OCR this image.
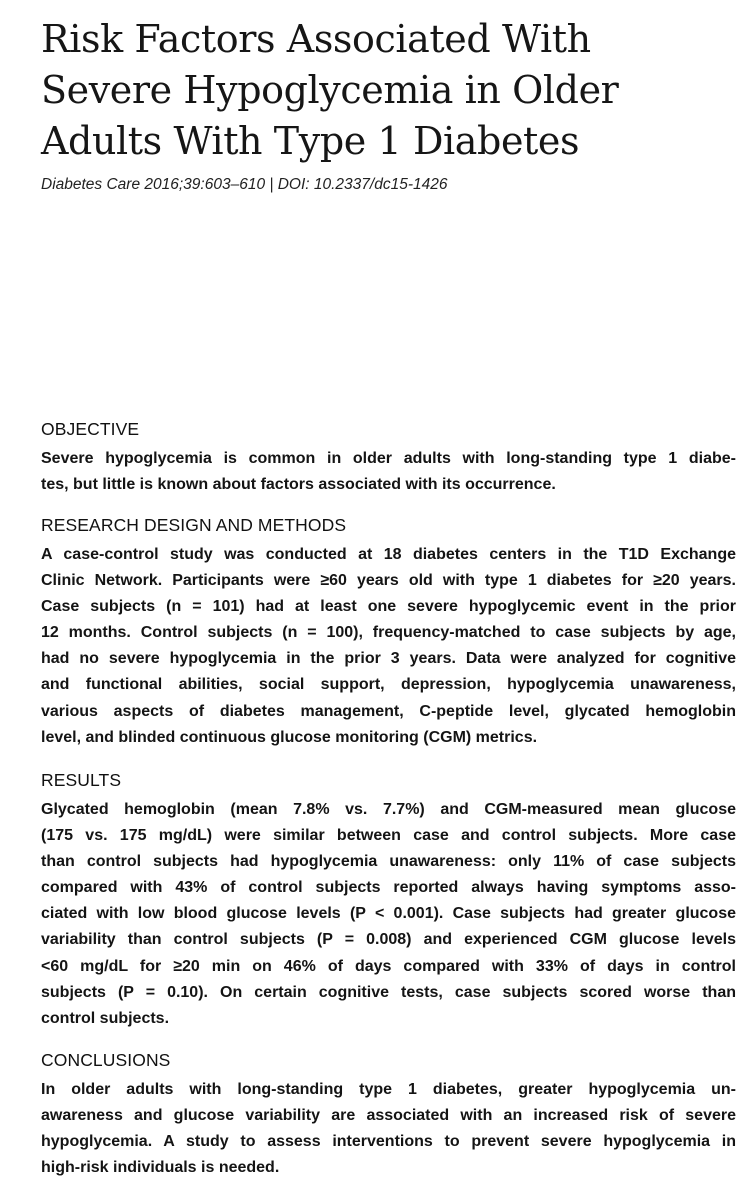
Risk Factors Associated With
Severe Hypoglycemia in Older
Adults With Type 1 Diabetes
Diabetes Care 2016;39:603–610 | DOI: 10.2337/dc15-1426
OBJECTIVE

Severe hypoglycemia is common in older adults with long-standing type 1 diabe-
tes, but little is known about factors associated with its occurrence.

RESEARCH DESIGN AND METHODS

A case-control study was conducted at 18 diabetes centers in the T1D Exchange
Clinic Network. Participants were ≥60 years old with type 1 diabetes for ≥20 years.
Case subjects (n = 101) had at least one severe hypoglycemic event in the prior
12 months. Control subjects (n = 100), frequency-matched to case subjects by age,
had no severe hypoglycemia in the prior 3 years. Data were analyzed for cognitive
and functional abilities, social support, depression, hypoglycemia unawareness,
various aspects of diabetes management, C-peptide level, glycated hemoglobin
level, and blinded continuous glucose monitoring (CGM) metrics.

RESULTS

Glycated hemoglobin (mean 7.8% vs. 7.7%) and CGM-measured mean glucose
(175 vs. 175 mg/dL) were similar between case and control subjects. More case
than control subjects had hypoglycemia unawareness: only 11% of case subjects
compared with 43% of control subjects reported always having symptoms asso-
ciated with low blood glucose levels (P < 0.001). Case subjects had greater glucose
variability than control subjects (P = 0.008) and experienced CGM glucose levels
<60 mg/dL for ≥20 min on 46% of days compared with 33% of days in control
subjects (P = 0.10). On certain cognitive tests, case subjects scored worse than
control subjects.

CONCLUSIONS

In older adults with long-standing type 1 diabetes, greater hypoglycemia un-
awareness and glucose variability are associated with an increased risk of severe
hypoglycemia. A study to assess interventions to prevent severe hypoglycemia in
high-risk individuals is needed.
